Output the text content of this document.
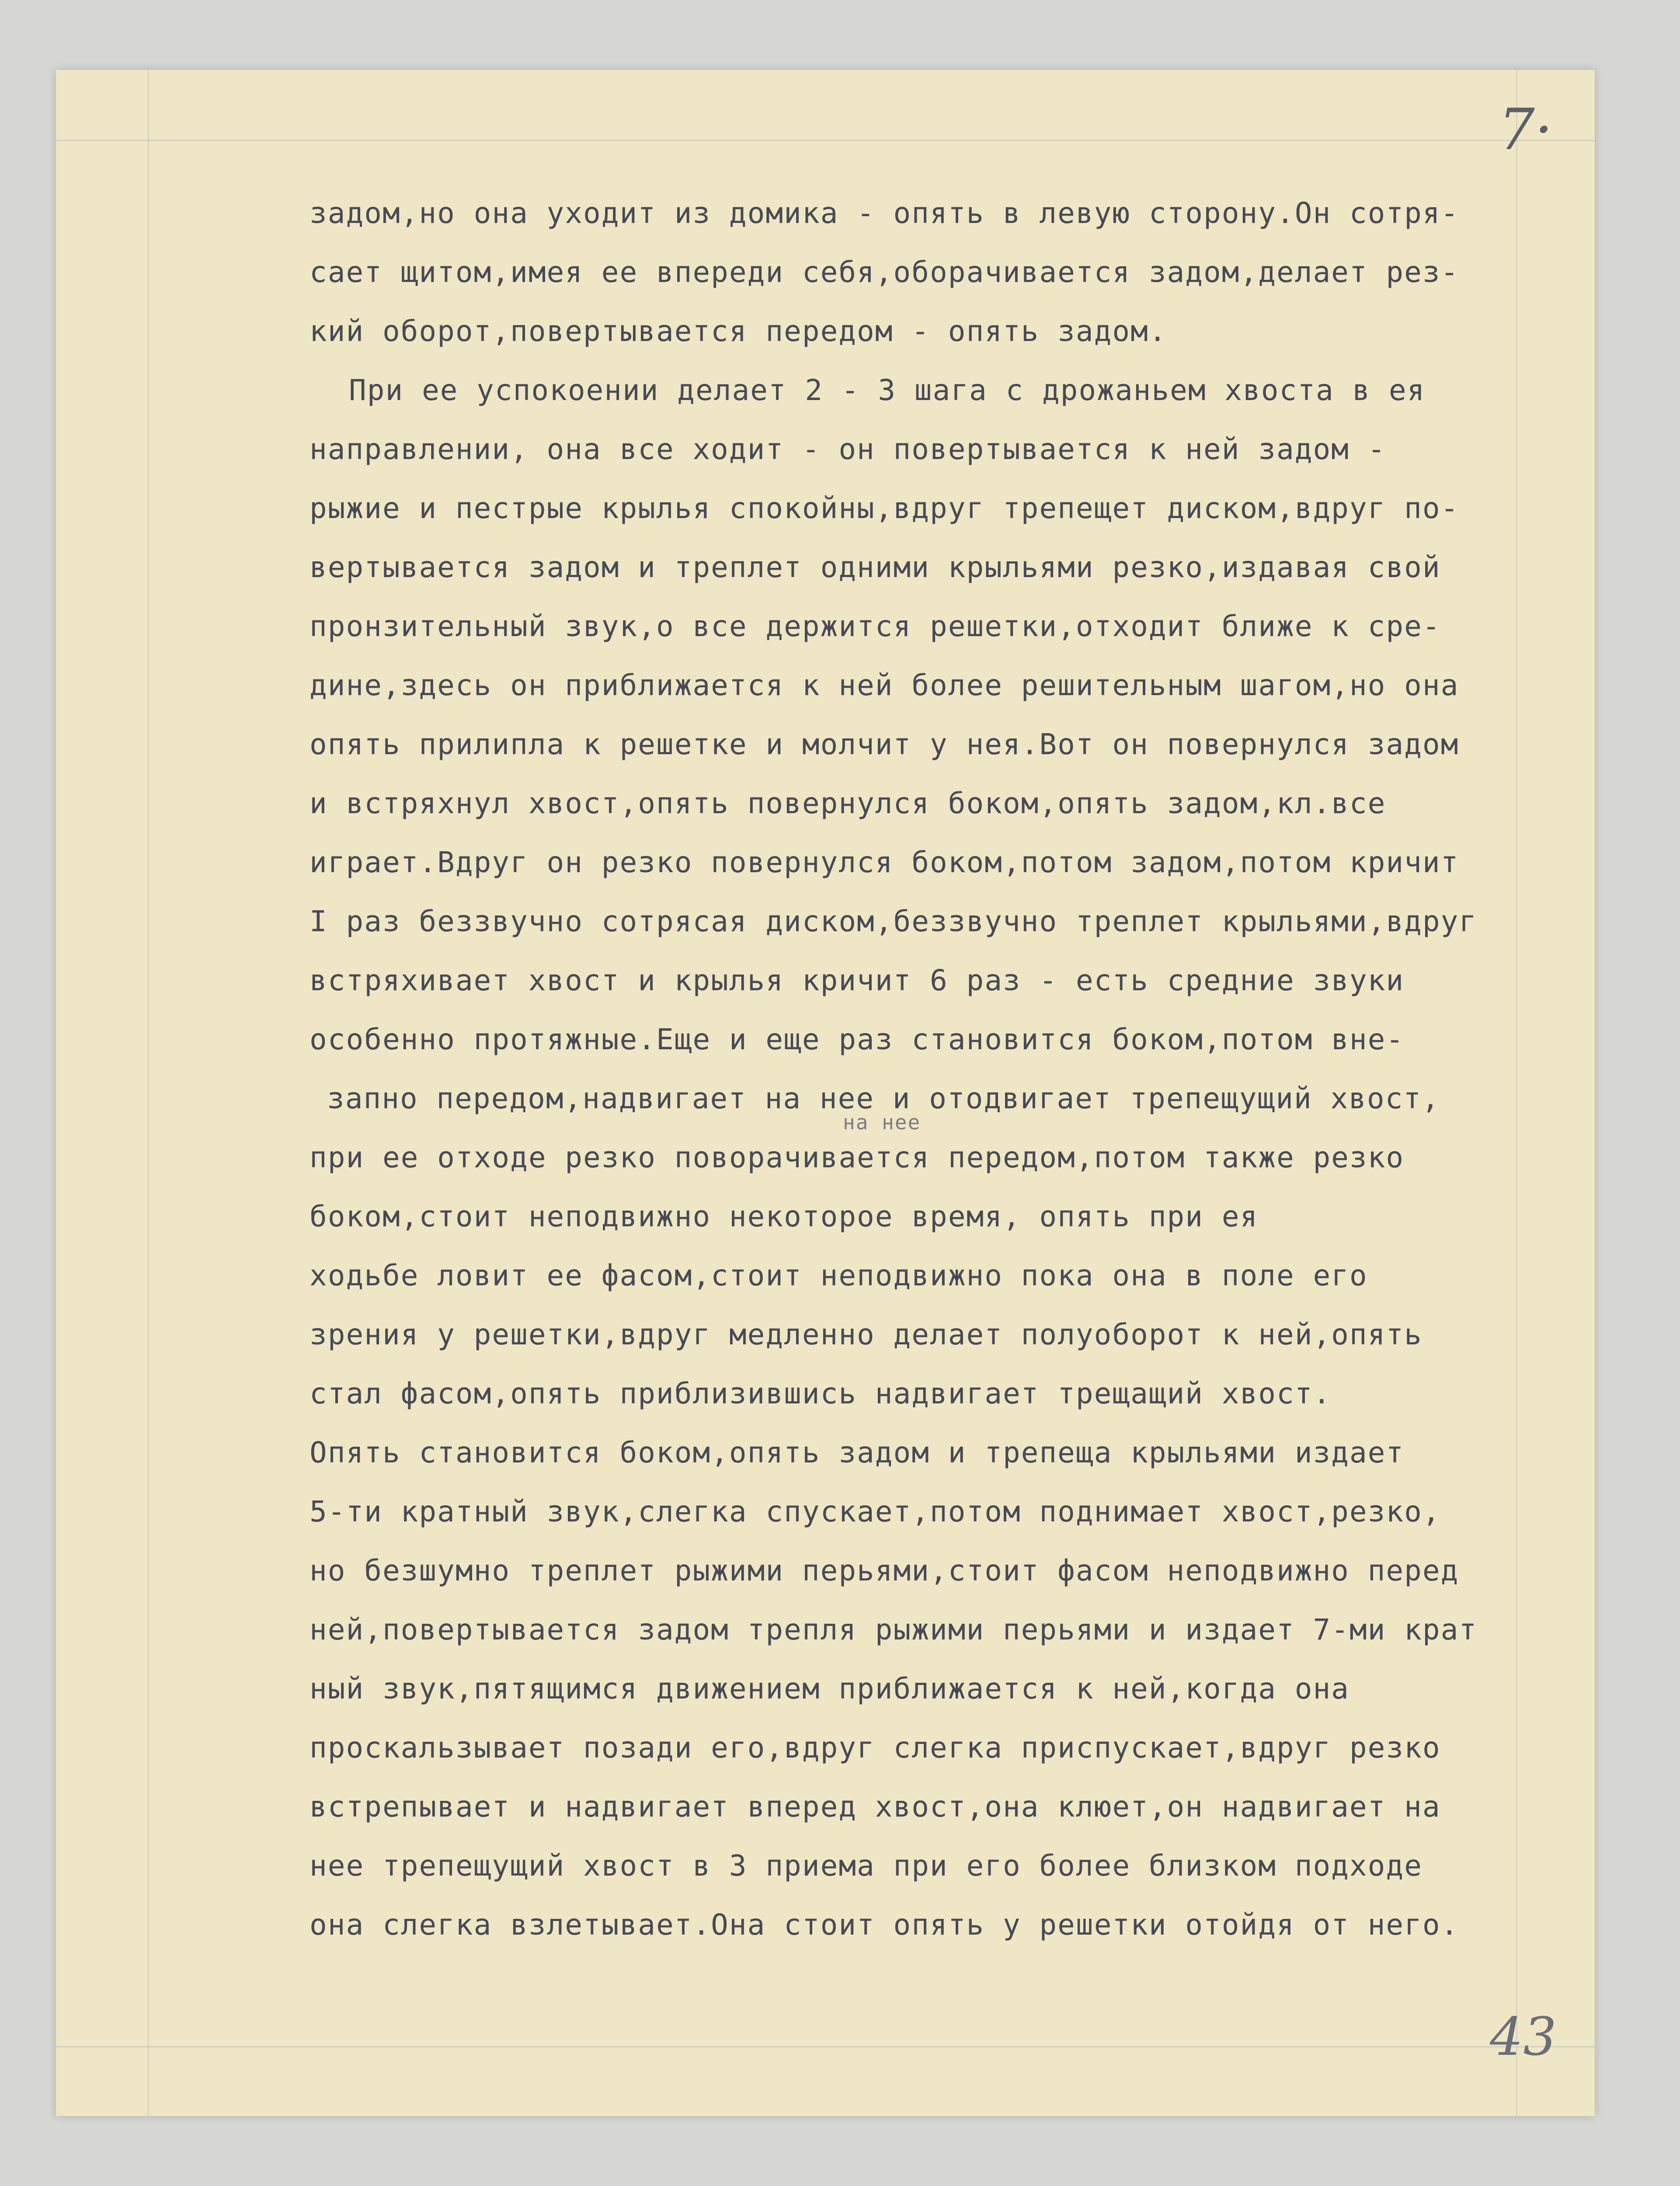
7·
на нее
задом,но она уходит из домика - опять в левую сторону.Он сотря-
сает щитом,имея ее впереди себя,оборачивается задом,делает рез-
кий оборот,повертывается передом - опять задом.
При ее успокоении делает 2 - 3 шага с дрожаньем хвоста в ея
направлении, она все ходит - он повертывается к ней задом -
рыжие и пестрые крылья спокойны,вдруг трепещет диском,вдруг по-
вертывается задом и треплет одними крыльями резко,издавая свой
пронзительный звук,о все держится решетки,отходит ближе к сре-
дине,здесь он приближается к ней более решительным шагом,но она
опять прилипла к решетке и молчит у нея.Вот он повернулся задом
и встряхнул хвост,опять повернулся боком,опять задом,кл.все
играет.Вдруг он резко повернулся боком,потом задом,потом кричит
I раз беззвучно сотрясая диском,беззвучно треплет крыльями,вдруг
встряхивает хвост и крылья кричит 6 раз - есть средние звуки
особенно протяжные.Еще и еще раз становится боком,потом вне-
запно передом,надвигает на нее и отодвигает трепещущий хвост,
при ее отходе резко поворачивается передом,потом также резко
боком,стоит неподвижно некоторое время, опять при ея
ходьбе ловит ее фасом,стоит неподвижно пока она в поле его
зрения у решетки,вдруг медленно делает полуоборот к ней,опять
стал фасом,опять приблизившись надвигает трещащий хвост.
Опять становится боком,опять задом и трепеща крыльями издает
5-ти кратный звук,слегка спускает,потом поднимает хвост,резко,
но безшумно треплет рыжими перьями,стоит фасом неподвижно перед
ней,повертывается задом трепля рыжими перьями и издает 7-ми крат
ный звук,пятящимся движением приближается к ней,когда она
проскальзывает позади его,вдруг слегка приспускает,вдруг резко
встрепывает и надвигает вперед хвост,она клюет,он надвигает на
нее трепещущий хвост в 3 приема при его более близком подходе
она слегка взлетывает.Она стоит опять у решетки отойдя от него.
43
